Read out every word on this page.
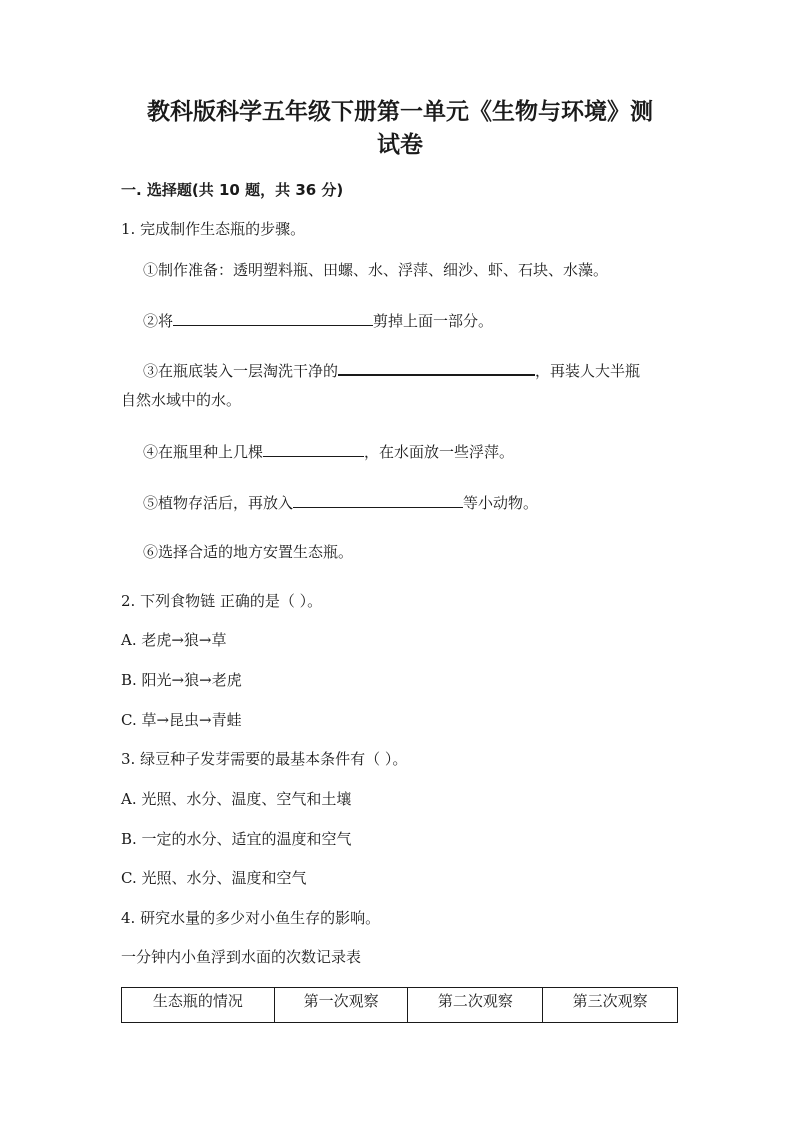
教科版科学五年级下册第一单元《生物与环境》测
试卷
一. 选择题(共 10 题，共 36 分)
1. 完成制作生态瓶的步骤。
①制作准备：透明塑料瓶、田螺、水、浮萍、细沙、虾、石块、水藻。
②将	剪掉上面一部分。
③在瓶底装入一层淘洗干净的	，再装人大半瓶
自然水域中的水。
④在瓶里种上几棵	，在水面放一些浮萍。
⑤植物存活后，再放入	等小动物。
⑥选择合适的地方安置生态瓶。
2. 下列食物链 正确的是（ ）。
A. 老虎→狼→草
B. 阳光→狼→老虎
C. 草→昆虫→青蛙
3. 绿豆种子发芽需要的最基本条件有（ ）。
A. 光照、水分、温度、空气和土壤
B. 一定的水分、适宜的温度和空气
C. 光照、水分、温度和空气
4. 研究水量的多少对小鱼生存的影响。
一分钟内小鱼浮到水面的次数记录表
生态瓶的情况	第一次观察	第二次观察	第三次观察
